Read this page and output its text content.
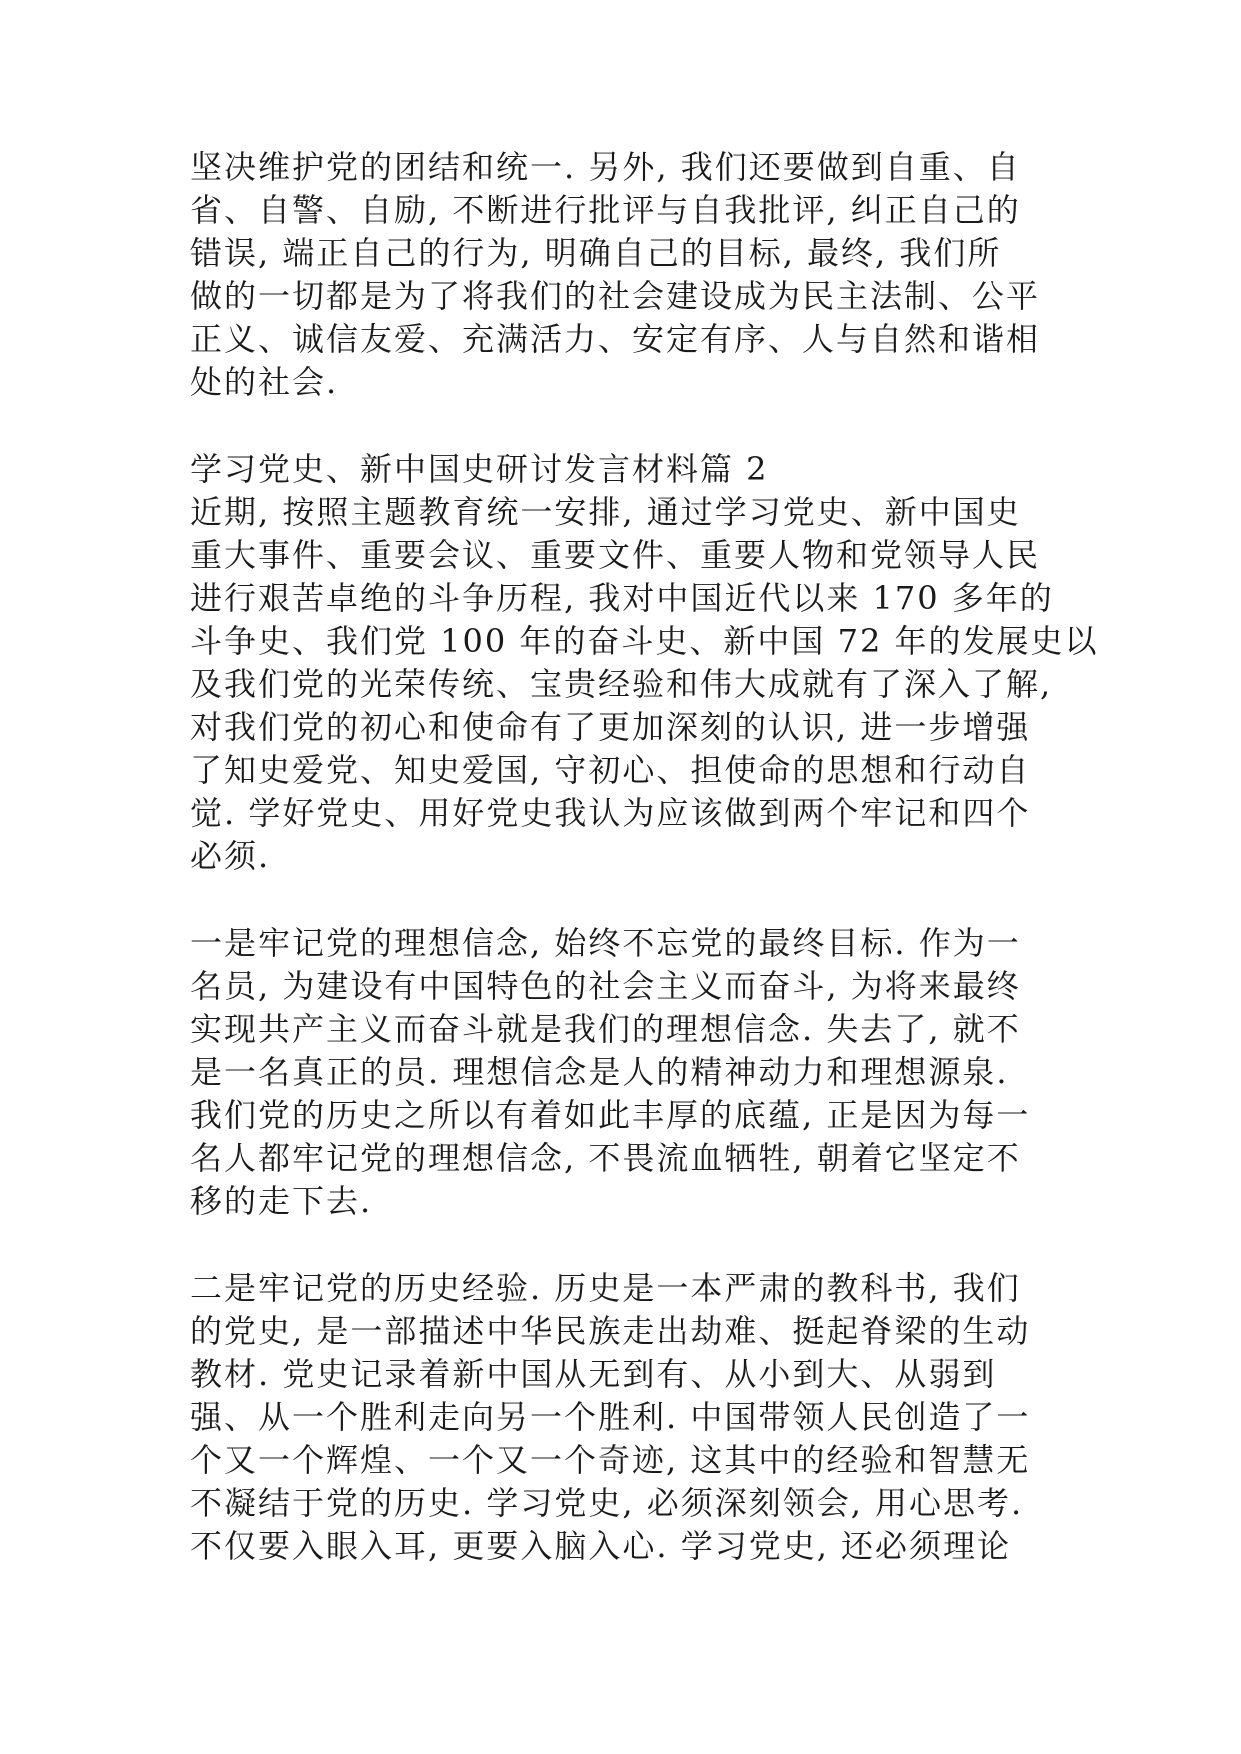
坚决维护党的团结和统一. 另外, 我们还要做到自重、自
省、自警、自励, 不断进行批评与自我批评, 纠正自己的
错误, 端正自己的行为, 明确自己的目标, 最终, 我们所
做的一切都是为了将我们的社会建设成为民主法制、公平
正义、诚信友爱、充满活力、安定有序、人与自然和谐相
处的社会.
学习党史、新中国史研讨发言材料篇 2
近期, 按照主题教育统一安排, 通过学习党史、新中国史
重大事件、重要会议、重要文件、重要人物和党领导人民
进行艰苦卓绝的斗争历程, 我对中国近代以来 170 多年的
斗争史、我们党 100 年的奋斗史、新中国 72 年的发展史以
及我们党的光荣传统、宝贵经验和伟大成就有了深入了解,
对我们党的初心和使命有了更加深刻的认识, 进一步增强
了知史爱党、知史爱国, 守初心、担使命的思想和行动自
觉. 学好党史、用好党史我认为应该做到两个牢记和四个
必须.
一是牢记党的理想信念, 始终不忘党的最终目标. 作为一
名员, 为建设有中国特色的社会主义而奋斗, 为将来最终
实现共产主义而奋斗就是我们的理想信念. 失去了, 就不
是一名真正的员. 理想信念是人的精神动力和理想源泉.
我们党的历史之所以有着如此丰厚的底蕴, 正是因为每一
名人都牢记党的理想信念, 不畏流血牺牲, 朝着它坚定不
移的走下去.
二是牢记党的历史经验. 历史是一本严肃的教科书, 我们
的党史, 是一部描述中华民族走出劫难、挺起脊梁的生动
教材. 党史记录着新中国从无到有、从小到大、从弱到
强、从一个胜利走向另一个胜利. 中国带领人民创造了一
个又一个辉煌、一个又一个奇迹, 这其中的经验和智慧无
不凝结于党的历史. 学习党史, 必须深刻领会, 用心思考.
不仅要入眼入耳, 更要入脑入心. 学习党史, 还必须理论
